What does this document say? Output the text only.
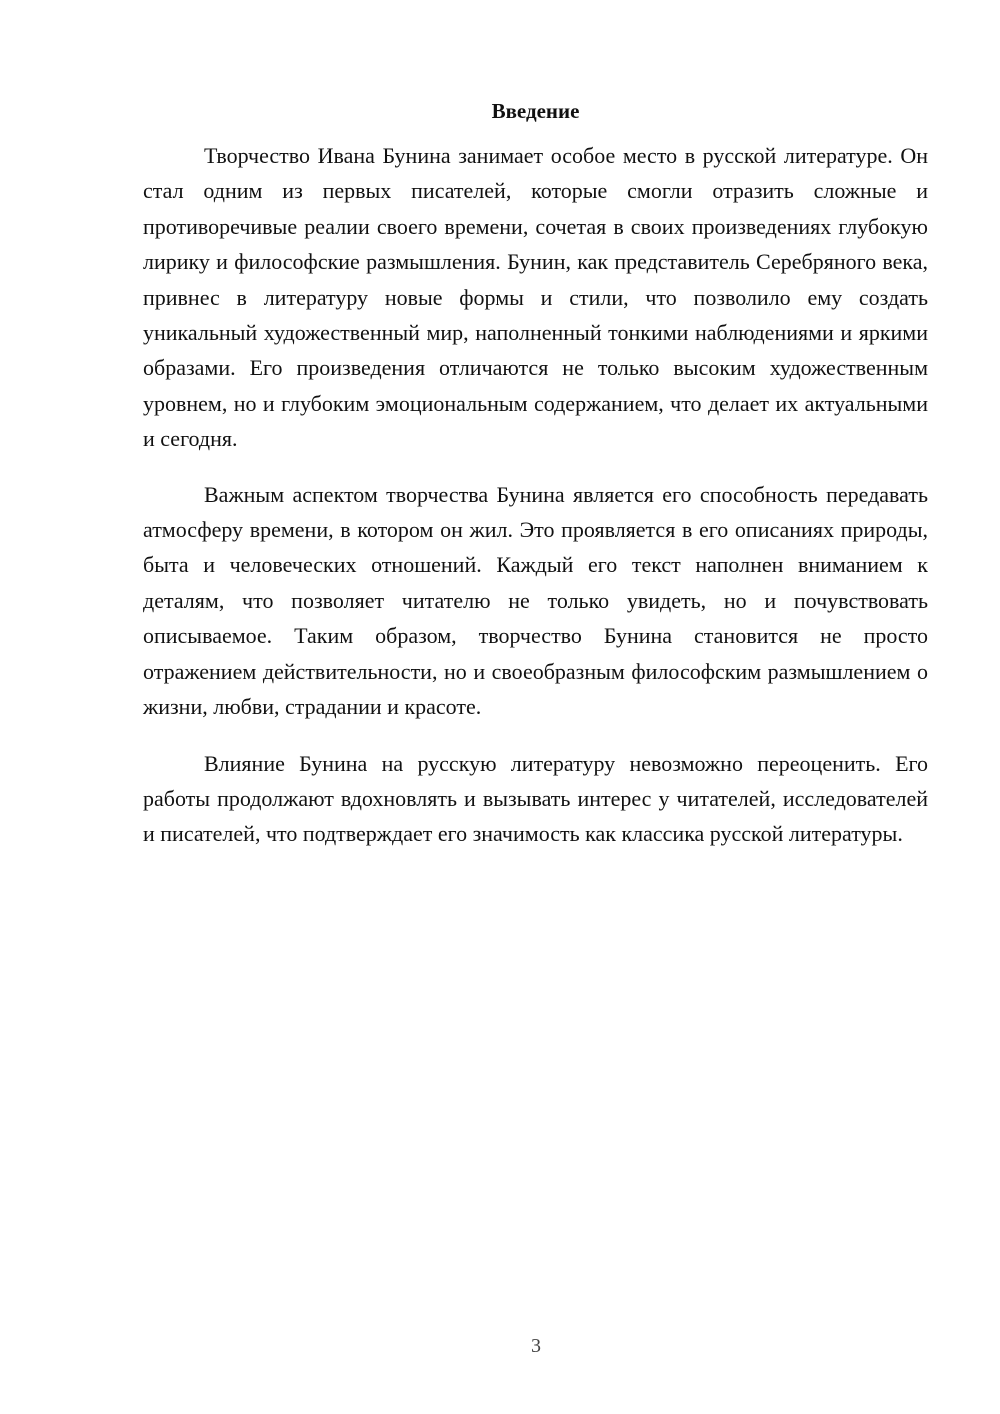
Введение

Творчество Ивана Бунина занимает особое место в русской литературе. Он стал одним из первых писателей, которые смогли отразить сложные и противоречивые реалии своего времени, сочетая в своих произведениях глубокую лирику и философские размышления. Бунин, как представитель Серебряного века, привнес в литературу новые формы и стили, что позволило ему создать уникальный художественный мир, наполненный тонкими наблюдениями и яркими образами. Его произведения отличаются не только высоким художественным уровнем, но и глубоким эмоциональным содержанием, что делает их актуальными и сегодня.

Важным аспектом творчества Бунина является его способность передавать атмосферу времени, в котором он жил. Это проявляется в его описаниях природы, быта и человеческих отношений. Каждый его текст наполнен вниманием к деталям, что позволяет читателю не только увидеть, но и почувствовать описываемое. Таким образом, творчество Бунина становится не просто отражением действительности, но и своеобразным философским размышлением о жизни, любви, страдании и красоте.

Влияние Бунина на русскую литературу невозможно переоценить. Его работы продолжают вдохновлять и вызывать интерес у читателей, исследователей и писателей, что подтверждает его значимость как классика русской литературы.

3
